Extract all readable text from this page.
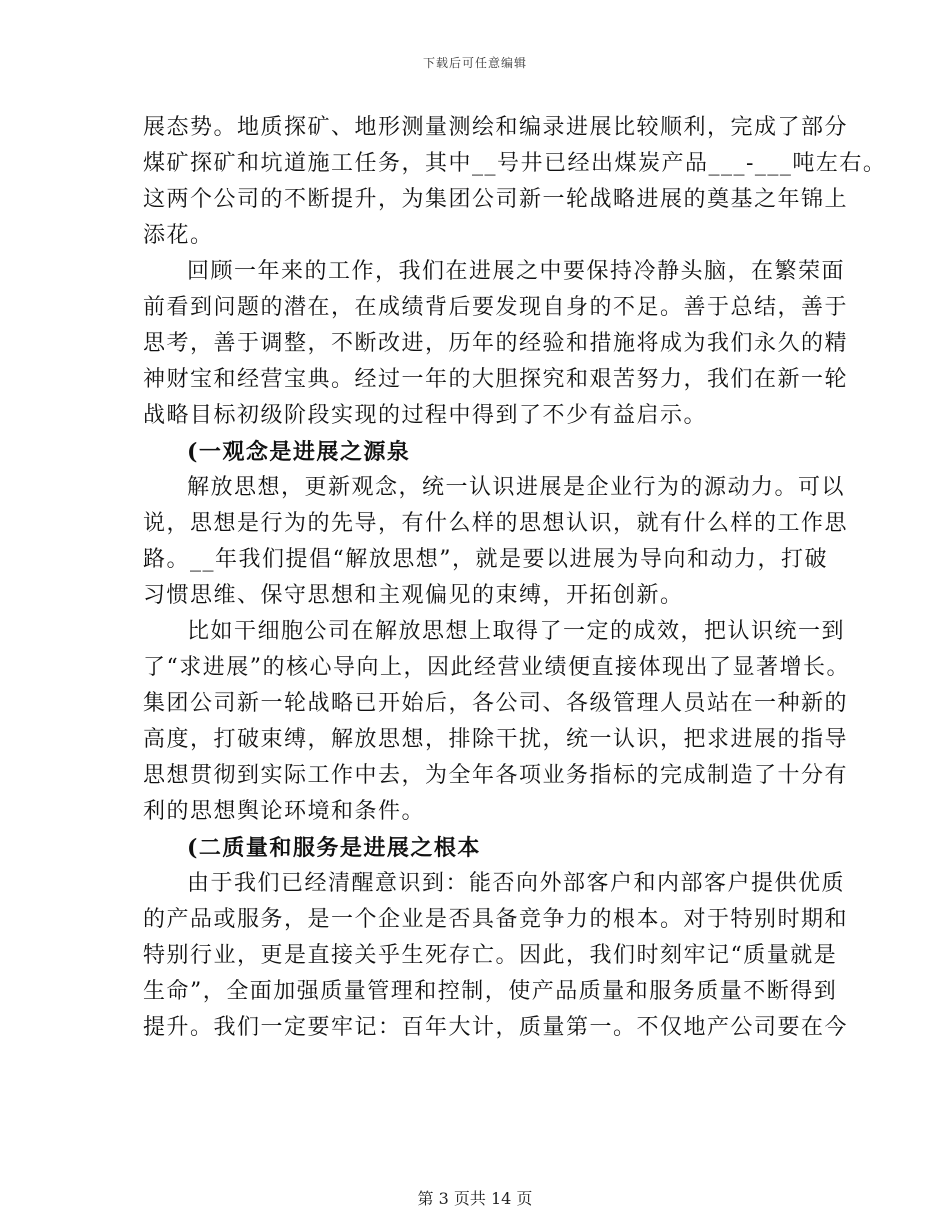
下载后可任意编辑
展态势。地质探矿、地形测量测绘和编录进展比较顺利，完成了部分
煤矿探矿和坑道施工任务，其中__号井已经出煤炭产品___-___吨左右。
这两个公司的不断提升，为集团公司新一轮战略进展的奠基之年锦上
添花。
回顾一年来的工作，我们在进展之中要保持冷静头脑，在繁荣面
前看到问题的潜在，在成绩背后要发现自身的不足。善于总结，善于
思考，善于调整，不断改进，历年的经验和措施将成为我们永久的精
神财宝和经营宝典。经过一年的大胆探究和艰苦努力，我们在新一轮
战略目标初级阶段实现的过程中得到了不少有益启示。
(一观念是进展之源泉
解放思想，更新观念，统一认识进展是企业行为的源动力。可以
说，思想是行为的先导，有什么样的思想认识，就有什么样的工作思
路。__年我们提倡“解放思想”，就是要以进展为导向和动力，打破
习惯思维、保守思想和主观偏见的束缚，开拓创新。
比如干细胞公司在解放思想上取得了一定的成效，把认识统一到
了“求进展”的核心导向上，因此经营业绩便直接体现出了显著增长。
集团公司新一轮战略已开始后，各公司、各级管理人员站在一种新的
高度，打破束缚，解放思想，排除干扰，统一认识，把求进展的指导
思想贯彻到实际工作中去，为全年各项业务指标的完成制造了十分有
利的思想舆论环境和条件。
(二质量和服务是进展之根本
由于我们已经清醒意识到：能否向外部客户和内部客户提供优质
的产品或服务，是一个企业是否具备竞争力的根本。对于特别时期和
特别行业，更是直接关乎生死存亡。因此，我们时刻牢记“质量就是
生命”，全面加强质量管理和控制，使产品质量和服务质量不断得到
提升。我们一定要牢记：百年大计，质量第一。不仅地产公司要在今
第 3 页共 14 页
